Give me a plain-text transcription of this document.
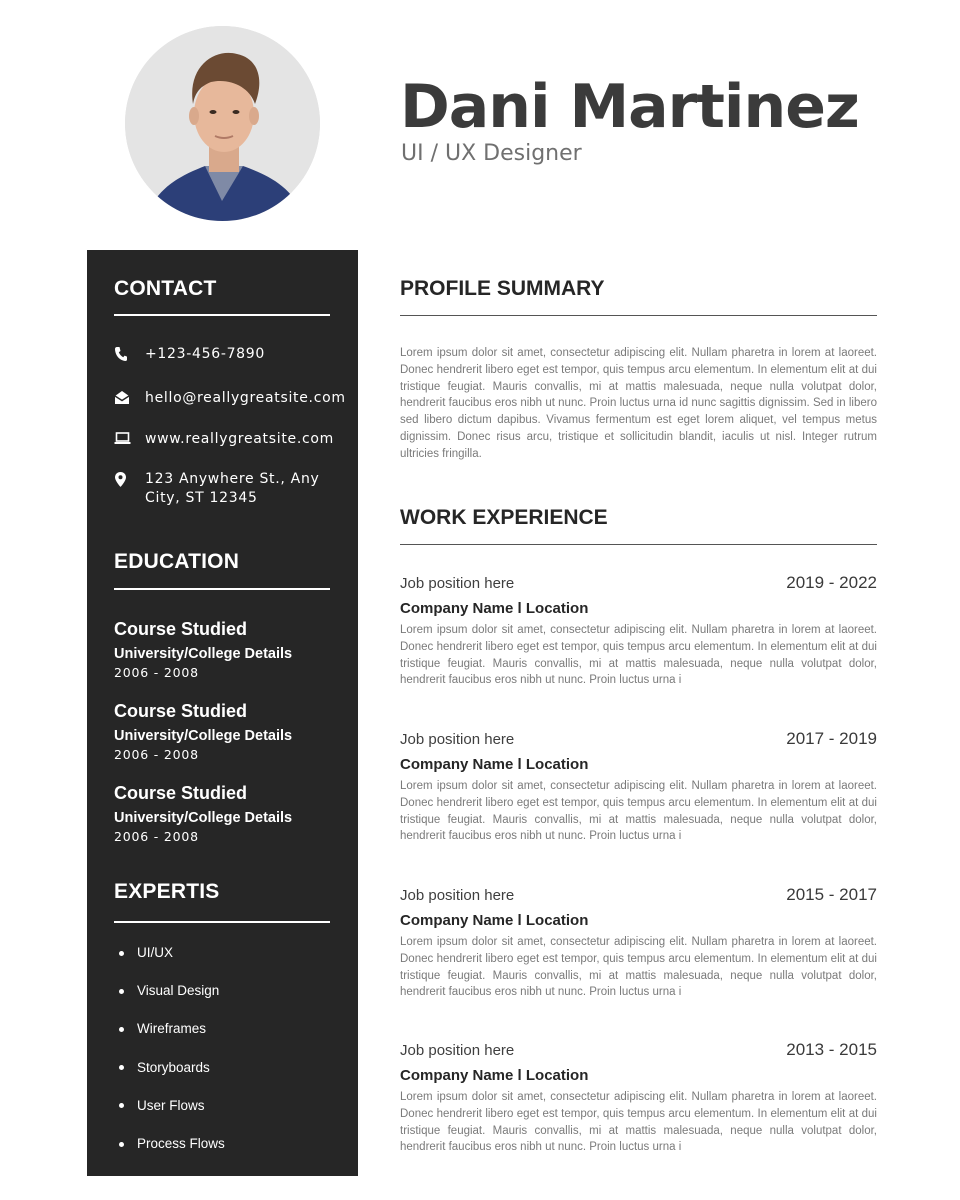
Dani Martinez
UI / UX Designer
CONTACT
+123-456-7890
hello@reallygreatsite.com
www.reallygreatsite.com
123 Anywhere St., Any City, ST 12345
EDUCATION
Course Studied
University/College Details
2006 - 2008
Course Studied
University/College Details
2006 - 2008
Course Studied
University/College Details
2006 - 2008
EXPERTIS
UI/UX
Visual Design
Wireframes
Storyboards
User Flows
Process Flows
PROFILE SUMMARY
Lorem ipsum dolor sit amet, consectetur adipiscing elit. Nullam pharetra in lorem at laoreet. Donec hendrerit libero eget est tempor, quis tempus arcu elementum. In elementum elit at dui tristique feugiat. Mauris convallis, mi at mattis malesuada, neque nulla volutpat dolor, hendrerit faucibus eros nibh ut nunc. Proin luctus urna id nunc sagittis dignissim. Sed in libero sed libero dictum dapibus. Vivamus fermentum est eget lorem aliquet, vel tempus metus dignissim. Donec risus arcu, tristique et sollicitudin blandit, iaculis ut nisl. Integer rutrum ultricies fringilla.
WORK EXPERIENCE
Job position here	2019 - 2022
Company Name l Location
Lorem ipsum dolor sit amet, consectetur adipiscing elit. Nullam pharetra in lorem at laoreet. Donec hendrerit libero eget est tempor, quis tempus arcu elementum. In elementum elit at dui tristique feugiat. Mauris convallis, mi at mattis malesuada, neque nulla volutpat dolor, hendrerit faucibus eros nibh ut nunc. Proin luctus urna i
Job position here	2017 - 2019
Company Name l Location
Lorem ipsum dolor sit amet, consectetur adipiscing elit. Nullam pharetra in lorem at laoreet. Donec hendrerit libero eget est tempor, quis tempus arcu elementum. In elementum elit at dui tristique feugiat. Mauris convallis, mi at mattis malesuada, neque nulla volutpat dolor, hendrerit faucibus eros nibh ut nunc. Proin luctus urna i
Job position here	2015 - 2017
Company Name l Location
Lorem ipsum dolor sit amet, consectetur adipiscing elit. Nullam pharetra in lorem at laoreet. Donec hendrerit libero eget est tempor, quis tempus arcu elementum. In elementum elit at dui tristique feugiat. Mauris convallis, mi at mattis malesuada, neque nulla volutpat dolor, hendrerit faucibus eros nibh ut nunc. Proin luctus urna i
Job position here	2013 - 2015
Company Name l Location
Lorem ipsum dolor sit amet, consectetur adipiscing elit. Nullam pharetra in lorem at laoreet. Donec hendrerit libero eget est tempor, quis tempus arcu elementum. In elementum elit at dui tristique feugiat. Mauris convallis, mi at mattis malesuada, neque nulla volutpat dolor, hendrerit faucibus eros nibh ut nunc. Proin luctus urna i
